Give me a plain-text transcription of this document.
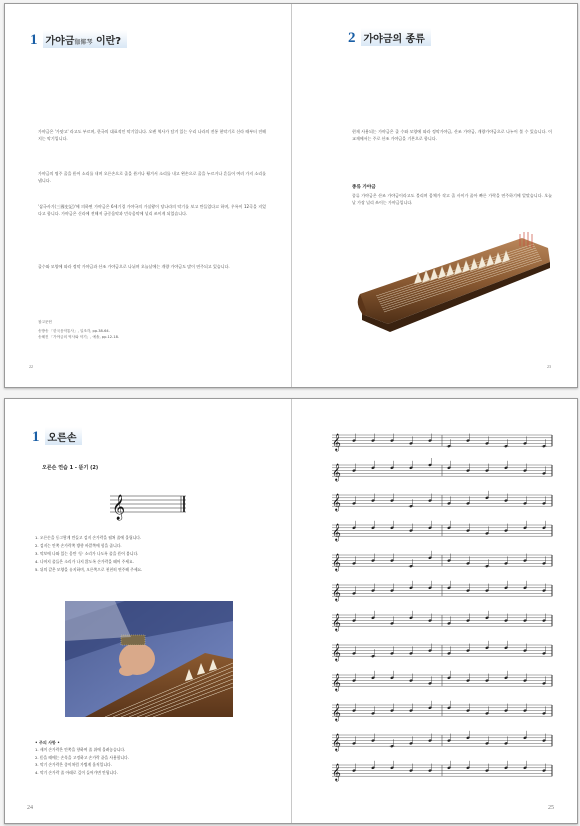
1 가야금伽倻琴 이란?

가야금은 '가얏고' 라고도 부르며, 한국의 대표적인 악기입니다. 오랜 역사가 담겨 있는 우리 나라의 전통 현악기로 신라 때부터 전해지는 악기입니다.

가야금의 명주 줄을 뜯어 소리를 내며 오른손으로 줄을 뜯거나 튕겨서 소리를 내고 왼손으로 줄을 누르거나 흔들어 여러 가지 소리를 냅니다.

'삼국사기(三國史記)'에 의하면 가야금은 6세기경 가야국의 가실왕이 당나라의 악기를 보고 만들었다고 하며, 우륵이 12곡을 지었다고 합니다. 가야금은 신라에 전해져 궁중음악과 민속음악에 널리 쓰이게 되었습니다.

줄수와 모양에 따라 정악 가야금과 산조 가야금으로 나뉘며 오늘날에는 개량 가야금도 많이 연주되고 있습니다.

참고문헌
송방송 「한국음악통사」, 일조각, pp.38-64.
송혜진 「가야금의 역사와 악기」, 예솔, pp.12-18.
22
2 가야금의 종류

현재 사용되는 가야금은 줄 수와 모양에 따라 정악가야금, 산조 가야금, 개량가야금으로 나누어 볼 수 있습니다. 이 교재에서는 주로 산조 가야금을 기본으로 합니다.

종류 가야금

종류 가야금은 산조 가야금이라고도 불리며 몸체가 작고 줄 사이가 좁아 빠른 가락을 연주하기에 알맞습니다. 오늘날 가장 널리 쓰이는 가야금입니다.

23
1 오른손
오른손 연습 1 - 뜯기 (2)
𝄞
1. 오른손을 동그랗게 만들고 검지 손가락을 펼쳐 줄에 올립니다.
2. 검지는 안쪽 손가락쪽 방향 바깥쪽에 힘을 줍니다.
3. 악보에 나와 있는 음만 '둥' 소리가 나도록 줄을 뜯어 봅니다.
4. 나머지 줄들은 소리가 나지 않도록 손가락을 떼어 주세요.
5. 뒤의 같은 모양을 유지하며, 오른쪽으로 천천히 연주해 주세요.
• 주의 사항 •
1. 새끼 손가락은 안쪽을 향하여 줄 위에 올려놓습니다.
2. 뜯을 때에는 손목을 고정하고 손가락 끝을 사용합니다.
3. 악기 손가락은 종이처럼 가볍게 움직입니다.
4. 악기 손가락 줄 아래로 깊이 들어가면 안됩니다.
24
𝄞
𝄞
𝄞
𝄞
𝄞
𝄞
𝄞
𝄞
𝄞
𝄞
𝄞
𝄞
25
